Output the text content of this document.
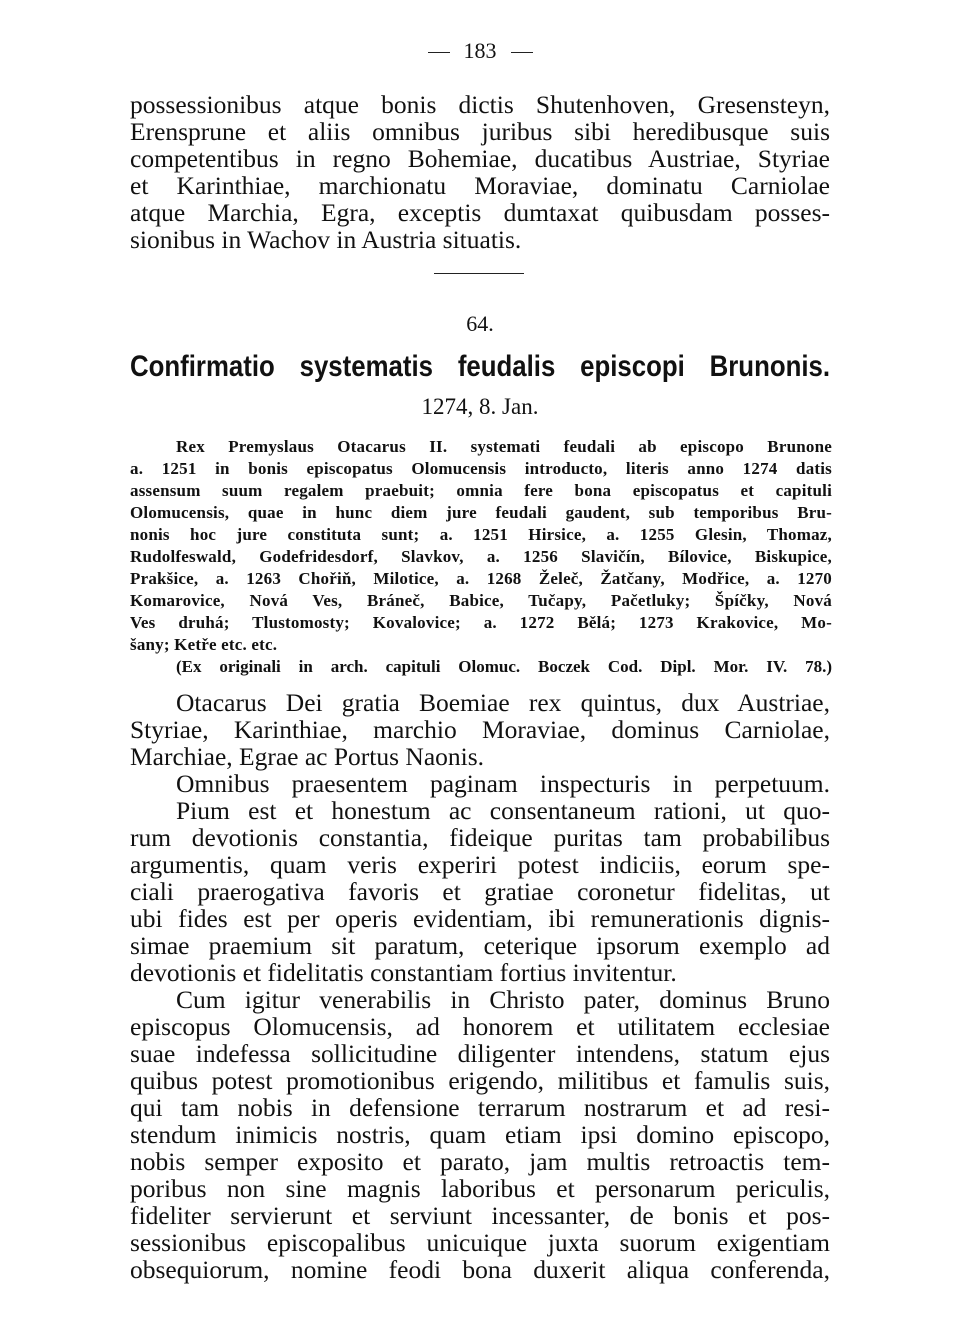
183
possessionibus atque bonis dictis Shutenhoven, Gresensteyn,
Erensprune et aliis omnibus juribus sibi heredibusque suis
competentibus in regno Bohemiae, ducatibus Austriae, Styriae
et Karinthiae, marchionatu Moraviae, dominatu Carniolae
atque Marchia, Egra, exceptis dumtaxat quibusdam posses-
sionibus in Wachov in Austria situatis.
64.
Confirmatio systematis feudalis episcopi Brunonis.
1274, 8. Jan.
Rex Premyslaus Otacarus II. systemati feudali ab episcopo Brunone
a. 1251 in bonis episcopatus Olomucensis introducto, literis anno 1274 datis
assensum suum regalem praebuit; omnia fere bona episcopatus et capituli
Olomucensis, quae in hunc diem jure feudali gaudent, sub temporibus Bru-
nonis hoc jure constituta sunt; a. 1251 Hirsice, a. 1255 Glesin, Thomaz,
Rudolfeswald, Godefridesdorf, Slavkov, a. 1256 Slavičín, Bílovice, Biskupice,
Prakšice, a. 1263 Chořiň, Milotice, a. 1268 Želeč, Žatčany, Modřice, a. 1270
Komarovice, Nová Ves, Bráneč, Babice, Tučapy, Pačetluky; Špíčky, Nová
Ves druhá; Tlustomosty; Kovalovice; a. 1272 Bělá; 1273 Krakovice, Mo-
šany; Ketře etc. etc.
(Ex originali in arch. capituli Olomuc. Boczek Cod. Dipl. Mor. IV. 78.)
Otacarus Dei gratia Boemiae rex quintus, dux Austriae,
Styriae, Karinthiae, marchio Moraviae, dominus Carniolae,
Marchiae, Egrae ac Portus Naonis.
Omnibus praesentem paginam inspecturis in perpetuum.
Pium est et honestum ac consentaneum rationi, ut quo-
rum devotionis constantia, fideique puritas tam probabilibus
argumentis, quam veris experiri potest indiciis, eorum spe-
ciali praerogativa favoris et gratiae coronetur fidelitas, ut
ubi fides est per operis evidentiam, ibi remunerationis dignis-
simae praemium sit paratum, ceterique ipsorum exemplo ad
devotionis et fidelitatis constantiam fortius invitentur.
Cum igitur venerabilis in Christo pater, dominus Bruno
episcopus Olomucensis, ad honorem et utilitatem ecclesiae
suae indefessa sollicitudine diligenter intendens, statum ejus
quibus potest promotionibus erigendo, militibus et famulis suis,
qui tam nobis in defensione terrarum nostrarum et ad resi-
stendum inimicis nostris, quam etiam ipsi domino episcopo,
nobis semper exposito et parato, jam multis retroactis tem-
poribus non sine magnis laboribus et personarum periculis,
fideliter servierunt et serviunt incessanter, de bonis et pos-
sessionibus episcopalibus unicuique juxta suorum exigentiam
obsequiorum, nomine feodi bona duxerit aliqua conferenda,
